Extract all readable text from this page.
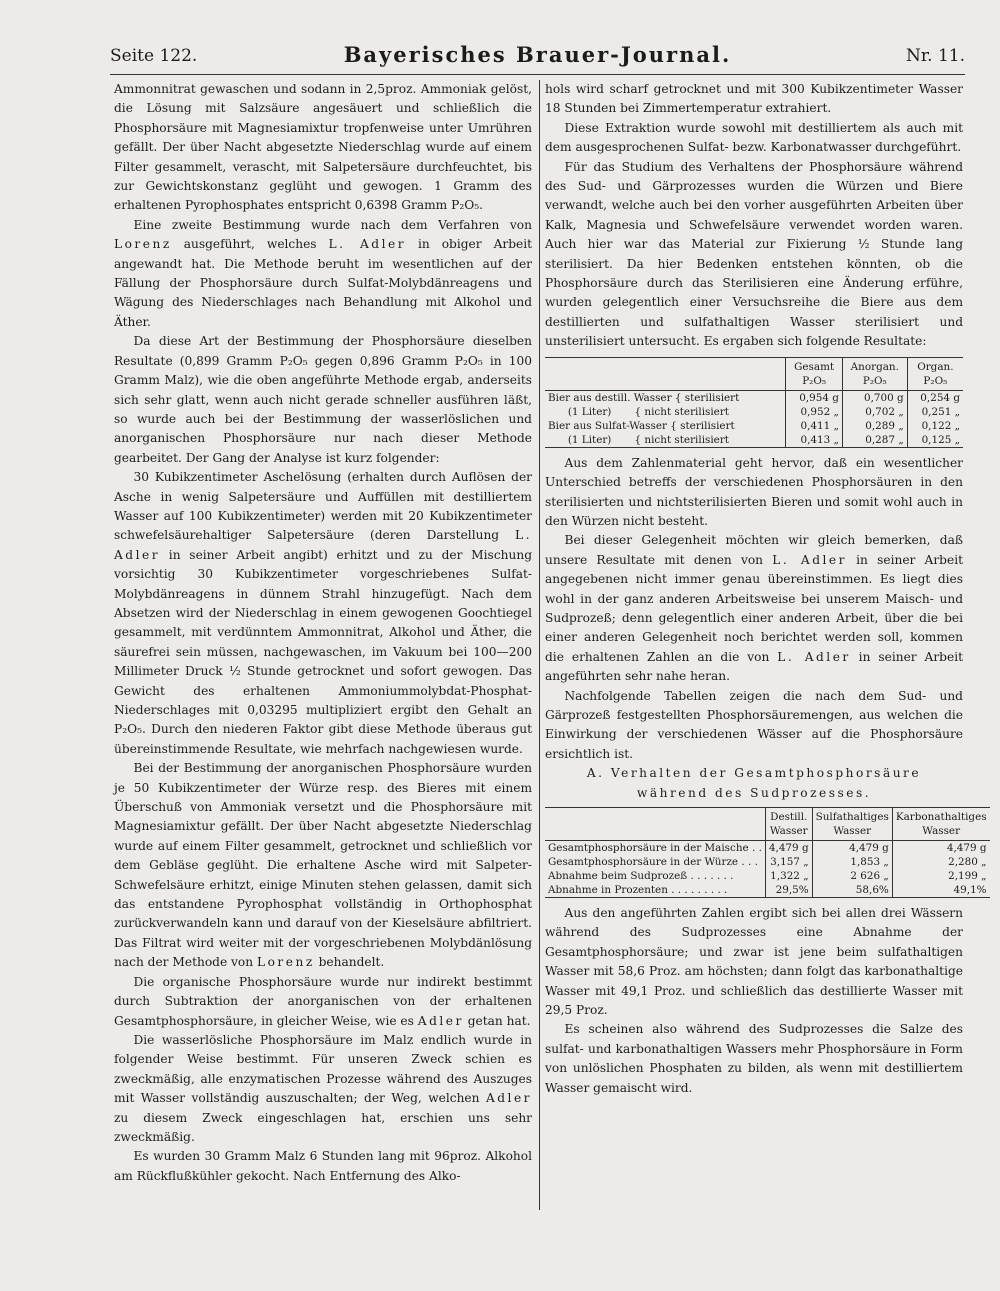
Seite 122.	Bayerisches Brauer-Journal.	Nr. 11.

Ammonnitrat gewaschen und sodann in 2,5proz. Ammoniak gelöst, die Lösung mit Salzsäure angesäuert und schließlich die Phosphorsäure mit Magnesiamixtur tropfenweise unter Umrühren gefällt. Der über Nacht abgesetzte Niederschlag wurde auf einem Filter gesammelt, verascht, mit Salpetersäure durchfeuchtet, bis zur Gewichtskonstanz geglüht und gewogen. 1 Gramm des erhaltenen Pyrophosphates entspricht 0,6398 Gramm P₂O₅.

Eine zweite Bestimmung wurde nach dem Verfahren von Lorenz ausgeführt, welches L. Adler in obiger Arbeit angewandt hat. Die Methode beruht im wesentlichen auf der Fällung der Phosphorsäure durch Sulfat-Molybdänreagens und Wägung des Niederschlages nach Behandlung mit Alkohol und Äther.

Da diese Art der Bestimmung der Phosphorsäure dieselben Resultate (0,899 Gramm P₂O₅ gegen 0,896 Gramm P₂O₅ in 100 Gramm Malz), wie die oben angeführte Methode ergab, anderseits sich sehr glatt, wenn auch nicht gerade schneller ausführen läßt, so wurde auch bei der Bestimmung der wasserlöslichen und anorganischen Phosphorsäure nur nach dieser Methode gearbeitet. Der Gang der Analyse ist kurz folgender:

30 Kubikzentimeter Aschelösung (erhalten durch Auflösen der Asche in wenig Salpetersäure und Auffüllen mit destilliertem Wasser auf 100 Kubikzentimeter) werden mit 20 Kubikzentimeter schwefelsäurehaltiger Salpetersäure (deren Darstellung L. Adler in seiner Arbeit angibt) erhitzt und zu der Mischung vorsichtig 30 Kubikzentimeter vorgeschriebenes Sulfat-Molybdänreagens in dünnem Strahl hinzugefügt. Nach dem Absetzen wird der Niederschlag in einem gewogenen Goochtiegel gesammelt, mit verdünntem Ammonnitrat, Alkohol und Äther, die säurefrei sein müssen, nachgewaschen, im Vakuum bei 100—200 Millimeter Druck ½ Stunde getrocknet und sofort gewogen. Das Gewicht des erhaltenen Ammoniummolybdat-Phosphat-Niederschlages mit 0,03295 multipliziert ergibt den Gehalt an P₂O₅. Durch den niederen Faktor gibt diese Methode überaus gut übereinstimmende Resultate, wie mehrfach nachgewiesen wurde.

Bei der Bestimmung der anorganischen Phosphorsäure wurden je 50 Kubikzentimeter der Würze resp. des Bieres mit einem Überschuß von Ammoniak versetzt und die Phosphorsäure mit Magnesiamixtur gefällt. Der über Nacht abgesetzte Niederschlag wurde auf einem Filter gesammelt, getrocknet und schließlich vor dem Gebläse geglüht. Die erhaltene Asche wird mit Salpeter-Schwefelsäure erhitzt, einige Minuten stehen gelassen, damit sich das entstandene Pyrophosphat vollständig in Orthophosphat zurückverwandeln kann und darauf von der Kieselsäure abfiltriert. Das Filtrat wird weiter mit der vorgeschriebenen Molybdänlösung nach der Methode von Lorenz behandelt.

Die organische Phosphorsäure wurde nur indirekt bestimmt durch Subtraktion der anorganischen von der erhaltenen Gesamtphosphorsäure, in gleicher Weise, wie es Adler getan hat.

Die wasserlösliche Phosphorsäure im Malz endlich wurde in folgender Weise bestimmt. Für unseren Zweck schien es zweckmäßig, alle enzymatischen Prozesse während des Auszuges mit Wasser vollständig auszuschalten; der Weg, welchen Adler zu diesem Zweck eingeschlagen hat, erschien uns sehr zweckmäßig.

Es wurden 30 Gramm Malz 6 Stunden lang mit 96proz. Alkohol am Rückflußkühler gekocht. Nach Entfernung des Alko-

hols wird scharf getrocknet und mit 300 Kubikzentimeter Wasser 18 Stunden bei Zimmertemperatur extrahiert.

Diese Extraktion wurde sowohl mit destilliertem als auch mit dem ausgesprochenen Sulfat- bezw. Karbonatwasser durchgeführt.

Für das Studium des Verhaltens der Phosphorsäure während des Sud- und Gärprozesses wurden die Würzen und Biere verwandt, welche auch bei den vorher ausgeführten Arbeiten über Kalk, Magnesia und Schwefelsäure verwendet worden waren. Auch hier war das Material zur Fixierung ½ Stunde lang sterilisiert. Da hier Bedenken entstehen könnten, ob die Phosphorsäure durch das Sterilisieren eine Änderung erführe, wurden gelegentlich einer Versuchsreihe die Biere aus dem destillierten und sulfathaltigen Wasser sterilisiert und unsterilisiert untersucht. Es ergaben sich folgende Resultate:

	Gesamt P₂O₅	Anorgan. P₂O₅	Organ. P₂O₅
Bier aus destill. Wasser { sterilisiert	0,954 g	0,700 g	0,254 g
(1 Liter)       { nicht sterilisiert	0,952 „	0,702 „	0,251 „
Bier aus Sulfat-Wasser { sterilisiert	0,411 „	0,289 „	0,122 „
(1 Liter)       { nicht sterilisiert	0,413 „	0,287 „	0,125 „

Aus dem Zahlenmaterial geht hervor, daß ein wesentlicher Unterschied betreffs der verschiedenen Phosphorsäuren in den sterilisierten und nichtsterilisierten Bieren und somit wohl auch in den Würzen nicht besteht.

Bei dieser Gelegenheit möchten wir gleich bemerken, daß unsere Resultate mit denen von L. Adler in seiner Arbeit angegebenen nicht immer genau übereinstimmen. Es liegt dies wohl in der ganz anderen Arbeitsweise bei unserem Maisch- und Sudprozeß; denn gelegentlich einer anderen Arbeit, über die bei einer anderen Gelegenheit noch berichtet werden soll, kommen die erhaltenen Zahlen an die von L. Adler in seiner Arbeit angeführten sehr nahe heran.

Nachfolgende Tabellen zeigen die nach dem Sud- und Gärprozeß festgestellten Phosphorsäuremengen, aus welchen die Einwirkung der verschiedenen Wässer auf die Phosphorsäure ersichtlich ist.

A. Verhalten der Gesamtphosphorsäure
während des Sudprozesses.

	Destill. Wasser	Sulfathaltiges Wasser	Karbonathaltiges Wasser
Gesamtphosphorsäure in der Maische . .	4,479 g	4,479 g	4,479 g
Gesamtphosphorsäure in der Würze . . .	3,157 „	1,853 „	2,280 „
Abnahme beim Sudprozeß . . . . . . .	1,322 „	2 626 „	2,199 „
Abnahme in Prozenten . . . . . . . . .	29,5%	58,6%	49,1%

Aus den angeführten Zahlen ergibt sich bei allen drei Wässern während des Sudprozesses eine Abnahme der Gesamtphosphorsäure; und zwar ist jene beim sulfathaltigen Wasser mit 58,6 Proz. am höchsten; dann folgt das karbonathaltige Wasser mit 49,1 Proz. und schließlich das destillierte Wasser mit 29,5 Proz.

Es scheinen also während des Sudprozesses die Salze des sulfat- und karbonathaltigen Wassers mehr Phosphorsäure in Form von unlöslichen Phosphaten zu bilden, als wenn mit destilliertem Wasser gemaischt wird.
